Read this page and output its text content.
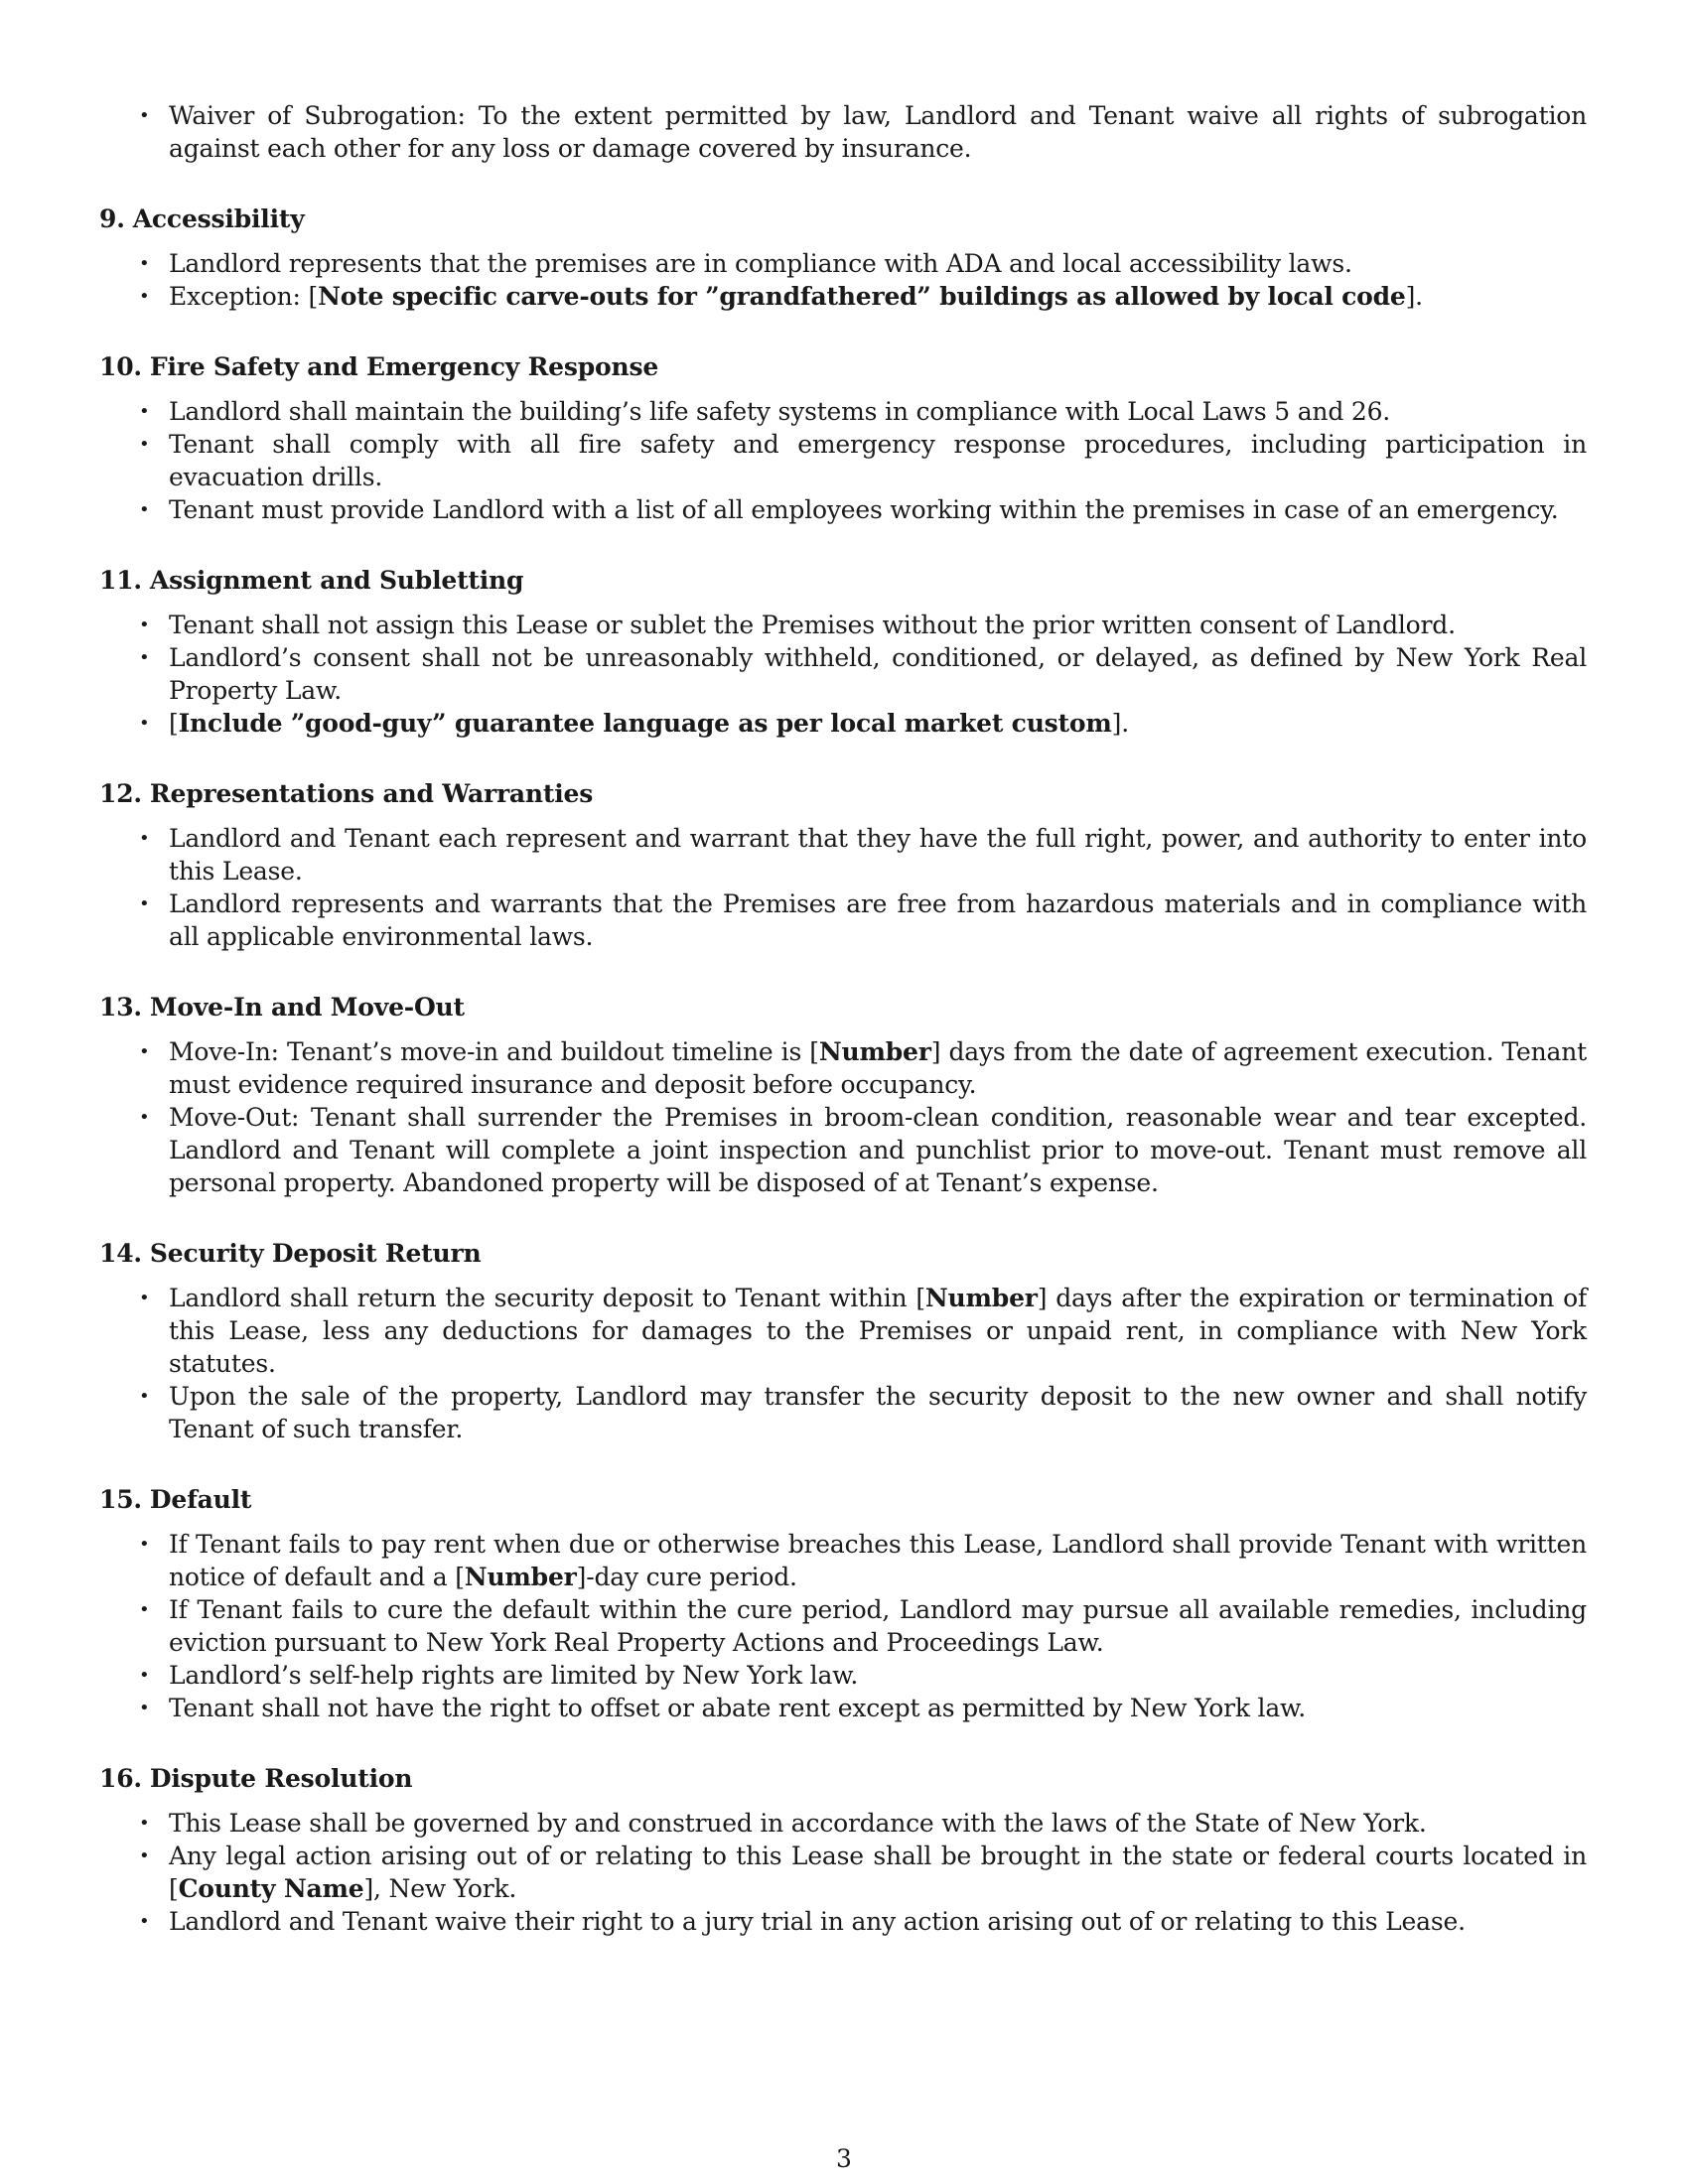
• Waiver of Subrogation: To the extent permitted by law, Landlord and Tenant waive all rights of subrogation against each other for any loss or damage covered by insurance.
9. Accessibility
• Landlord represents that the premises are in compliance with ADA and local accessibility laws.
• Exception: [Note specific carve-outs for ”grandfathered” buildings as allowed by local code].
10. Fire Safety and Emergency Response
• Landlord shall maintain the building’s life safety systems in compliance with Local Laws 5 and 26.
• Tenant shall comply with all fire safety and emergency response procedures, including participation in evacuation drills.
• Tenant must provide Landlord with a list of all employees working within the premises in case of an emergency.
11. Assignment and Subletting
• Tenant shall not assign this Lease or sublet the Premises without the prior written consent of Landlord.
• Landlord’s consent shall not be unreasonably withheld, conditioned, or delayed, as defined by New York Real Property Law.
• [Include ”good-guy” guarantee language as per local market custom].
12. Representations and Warranties
• Landlord and Tenant each represent and warrant that they have the full right, power, and authority to enter into this Lease.
• Landlord represents and warrants that the Premises are free from hazardous materials and in compliance with all applicable environmental laws.
13. Move-In and Move-Out
• Move-In: Tenant’s move-in and buildout timeline is [Number] days from the date of agreement execution. Tenant must evidence required insurance and deposit before occupancy.
• Move-Out: Tenant shall surrender the Premises in broom-clean condition, reasonable wear and tear excepted. Landlord and Tenant will complete a joint inspection and punchlist prior to move-out. Tenant must remove all personal property. Abandoned property will be disposed of at Tenant’s expense.
14. Security Deposit Return
• Landlord shall return the security deposit to Tenant within [Number] days after the expiration or termination of this Lease, less any deductions for damages to the Premises or unpaid rent, in compliance with New York statutes.
• Upon the sale of the property, Landlord may transfer the security deposit to the new owner and shall notify Tenant of such transfer.
15. Default
• If Tenant fails to pay rent when due or otherwise breaches this Lease, Landlord shall provide Tenant with written notice of default and a [Number]-day cure period.
• If Tenant fails to cure the default within the cure period, Landlord may pursue all available remedies, including eviction pursuant to New York Real Property Actions and Proceedings Law.
• Landlord’s self-help rights are limited by New York law.
• Tenant shall not have the right to offset or abate rent except as permitted by New York law.
16. Dispute Resolution
• This Lease shall be governed by and construed in accordance with the laws of the State of New York.
• Any legal action arising out of or relating to this Lease shall be brought in the state or federal courts located in [County Name], New York.
• Landlord and Tenant waive their right to a jury trial in any action arising out of or relating to this Lease.
3
